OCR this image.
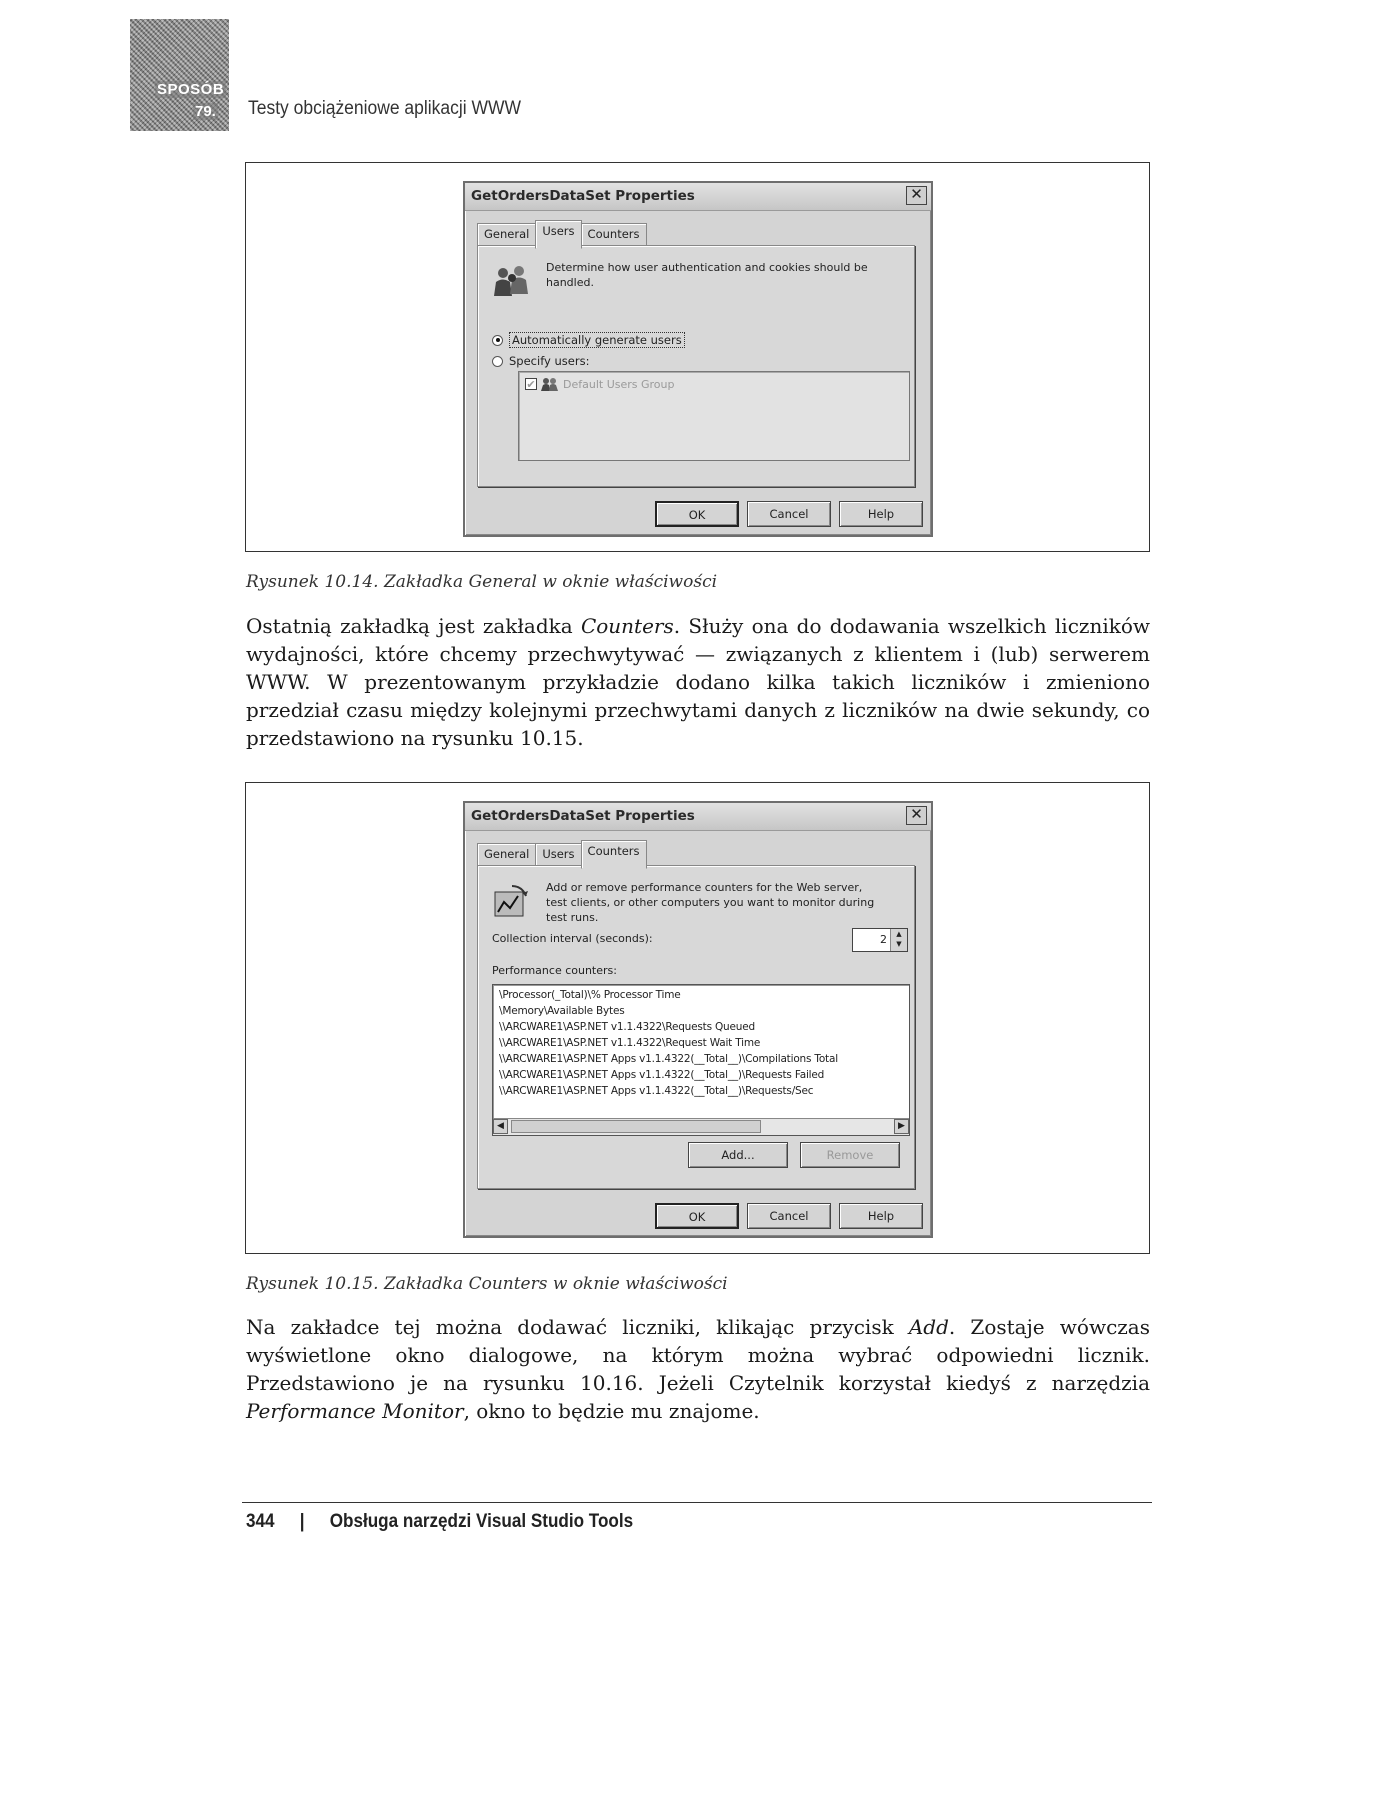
SPOSÓB
79. Testy obciążeniowe aplikacji WWW
GetOrdersDataSet Properties	✕
General	Users	Counters
Determine how user authentication and cookies should be handled.
Automatically generate users
Specify users:
✔ Default Users Group
OK	Cancel	Help
Rysunek 10.14. Zakładka General w oknie właściwości
Ostatnią zakładką jest zakładka Counters. Służy ona do dodawania wszelkich liczników wydajności, które chcemy przechwytywać — związanych z klientem i (lub) serwerem WWW. W prezentowanym przykładzie dodano kilka takich liczników i zmieniono przedział czasu między kolejnymi przechwytami danych z liczników na dwie sekundy, co przedstawiono na rysunku 10.15.
GetOrdersDataSet Properties	✕
General	Users	Counters
Add or remove performance counters for the Web server, test clients, or other computers you want to monitor during test runs.
Collection interval (seconds):	2	▲
▼
Performance counters:
\Processor(_Total)\% Processor Time
\Memory\Available Bytes
\\ARCWARE1\ASP.NET v1.1.4322\Requests Queued
\\ARCWARE1\ASP.NET v1.1.4322\Request Wait Time
\\ARCWARE1\ASP.NET Apps v1.1.4322(__Total__)\Compilations Total
\\ARCWARE1\ASP.NET Apps v1.1.4322(__Total__)\Requests Failed
\\ARCWARE1\ASP.NET Apps v1.1.4322(__Total__)\Requests/Sec
◀	▶
Add...	Remove
OK	Cancel	Help
Rysunek 10.15. Zakładka Counters w oknie właściwości
Na zakładce tej można dodawać liczniki, klikając przycisk Add. Zostaje wówczas wyświetlone okno dialogowe, na którym można wybrać odpowiedni licznik. Przedstawiono je na rysunku 10.16. Jeżeli Czytelnik korzystał kiedyś z narzędzia Performance Monitor, okno to będzie mu znajome.
344 | Obsługa narzędzi Visual Studio Tools
